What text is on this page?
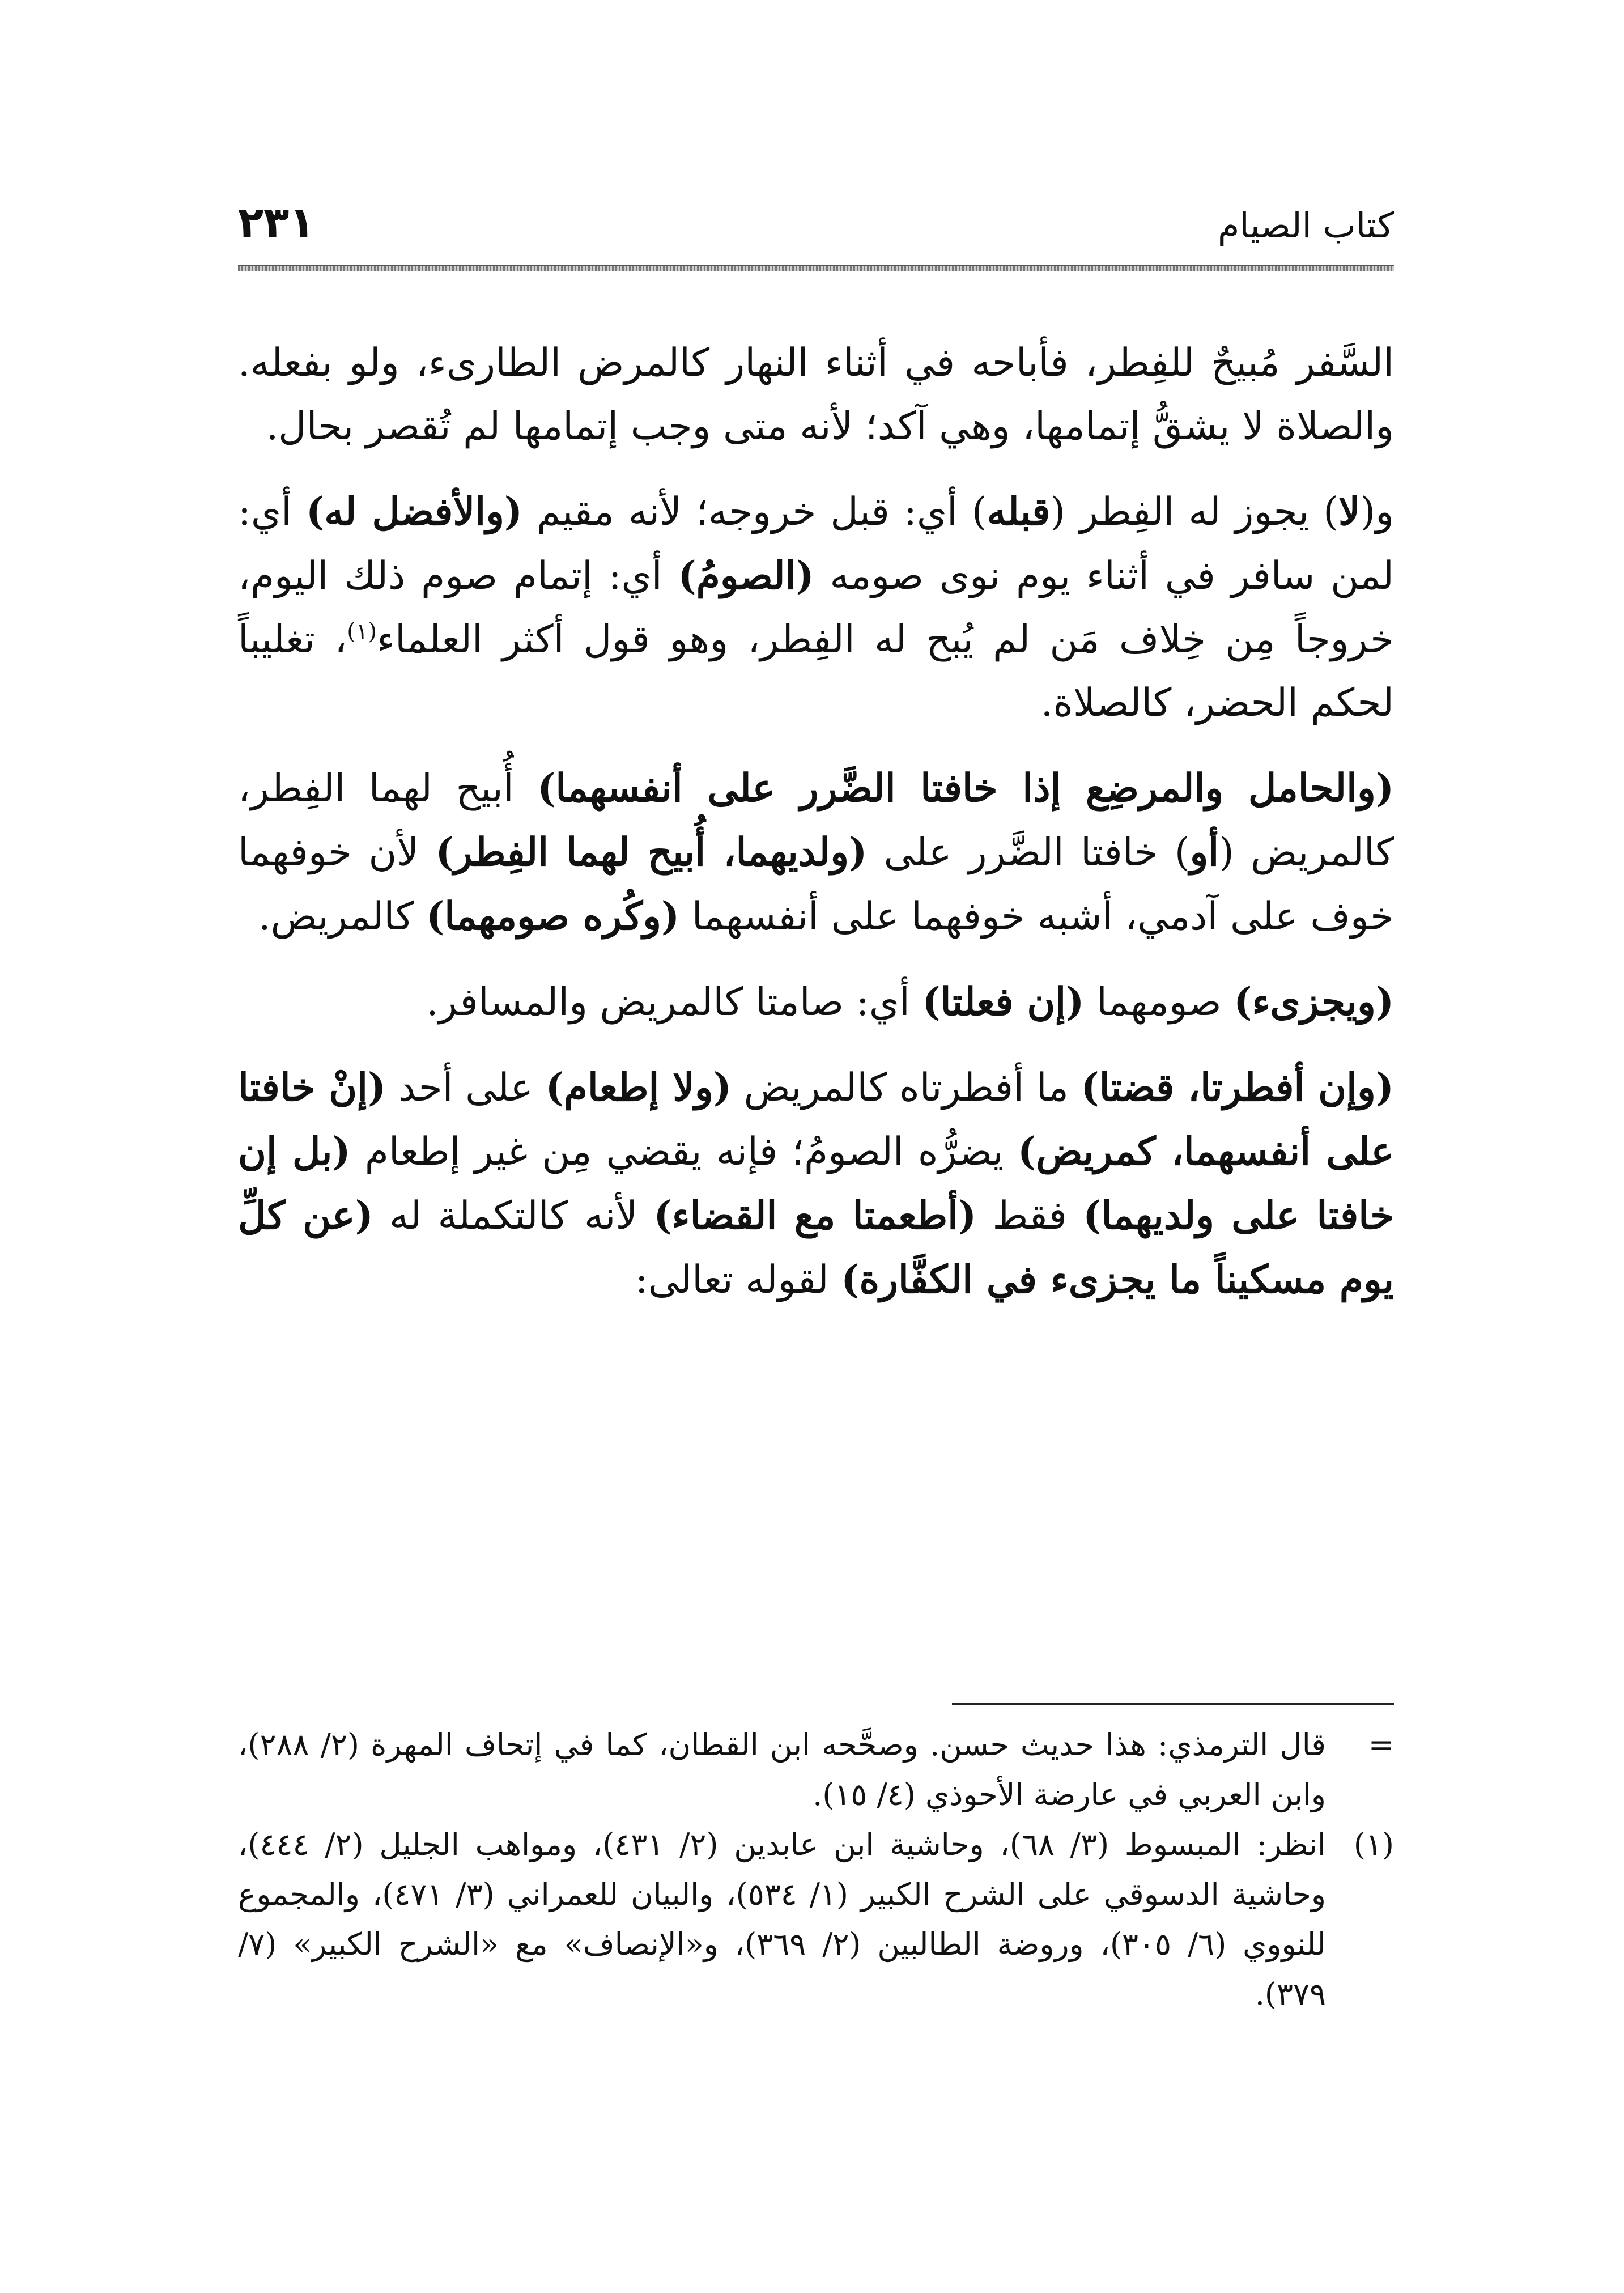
كتاب الصيام
٢٣١

السَّفر مُبيحٌ للفِطر، فأباحه في أثناء النهار كالمرض الطارىء، ولو بفعله. والصلاة لا يشقُّ إتمامها، وهي آكد؛ لأنه متى وجب إتمامها لم تُقصر بحال.

و(لا) يجوز له الفِطر (قبله) أي: قبل خروجه؛ لأنه مقيم (والأفضل له) أي: لمن سافر في أثناء يوم نوى صومه (الصومُ) أي: إتمام صوم ذلك اليوم، خروجاً مِن خِلاف مَن لم يُبح له الفِطر، وهو قول أكثر العلماء$^{(١)}$، تغليباً لحكم الحضر، كالصلاة.

(والحامل والمرضِع إذا خافتا الضَّرر على أنفسهما) أُبيح لهما الفِطر، كالمريض (أو) خافتا الضَّرر على (ولديهما، أُبيح لهما الفِطر) لأن خوفهما خوف على آدمي، أشبه خوفهما على أنفسهما (وكُره صومهما) كالمريض.

(ويجزىء) صومهما (إن فعلتا) أي: صامتا كالمريض والمسافر.

(وإن أفطرتا، قضتا) ما أفطرتاه كالمريض (ولا إطعام) على أحد (إنْ خافتا على أنفسهما، كمريض) يضرُّه الصومُ؛ فإنه يقضي مِن غير إطعام (بل إن خافتا على ولديهما) فقط (أطعمتا مع القضاء) لأنه كالتكملة له (عن كلِّ يوم مسكيناً ما يجزىء في الكفَّارة) لقوله تعالى:

=
قال الترمذي: هذا حديث حسن. وصحَّحه ابن القطان، كما في إتحاف المهرة (٢/ ٢٨٨)، وابن العربي في عارضة الأحوذي (٤/ ١٥).
(١)
انظر: المبسوط (٣/ ٦٨)، وحاشية ابن عابدين (٢/ ٤٣١)، ومواهب الجليل (٢/ ٤٤٤)، وحاشية الدسوقي على الشرح الكبير (١/ ٥٣٤)، والبيان للعمراني (٣/ ٤٧١)، والمجموع للنووي (٦/ ٣٠٥)، وروضة الطالبين (٢/ ٣٦٩)، و«الإنصاف» مع «الشرح الكبير» (٧/ ٣٧٩).
